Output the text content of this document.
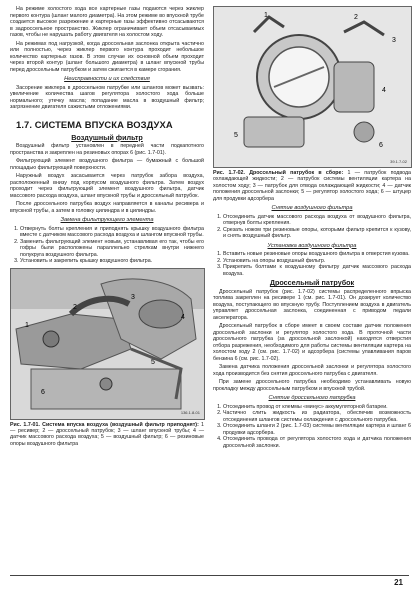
На режиме холостого хода все картерные газы подаются через жиклер первого контура (шланг малого диаметра). На этом режиме во впускной трубе создается высокое разрежение и картерные газы эффективно отсасываются в задроссельное пространство. Жиклер ограничивает объем отсасываемых газов, чтобы не нарушать работу двигателя на холостом ходу.

На режимах под нагрузкой, когда дроссельная заслонка открыта частично или полностью, через жиклер первого контура проходит небольшое количество картерных газов. В этом случае их основной объем проходит через второй контур (шланг большого диаметра) в шланг впускной трубы перед дроссельным патрубком и затем сжигается в камере сгорания.

Неисправности и их следствия

Засорение жиклера в дроссельном патрубке или шлангов может вызвать: увеличение количества шагов регулятора холостого хода больше нормального; утечку масла; попадание масла в воздушный фильтр; загрязнение двигателя сажистыми отложениями.

1.7. СИСТЕМА ВПУСКА ВОЗДУХА
Воздушный фильтр

Воздушный фильтр установлен в передней части подкапотного пространства и закреплен на резиновых опорах 6 (рис. 1.7-01).

Фильтрующий элемент воздушного фильтра — бумажный с большой площадью фильтрующей поверхности.

Наружный воздух засасывается через патрубок забора воздуха, расположенный внизу под корпусом воздушного фильтра. Затем воздух проходит через фильтрующий элемент воздушного фильтра, датчик массового расхода воздуха, шланг впускной трубы и дроссельный патрубок.

После дроссельного патрубка воздух направляется в каналы ресивера и впускной трубы, а затем в головку цилиндра и в цилиндры.

Замена фильтрующего элемента
1. Отвернуть болты крепления и приподнять крышку воздушного фильтра вместе с датчиком массового расхода воздуха и шлангом впускной трубы.
2. Заменить фильтрующий элемент новым, устанавливая его так, чтобы его гофры были расположены параллельно стрелкам внутри нижнего полукруга воздушного фильтра.
3. Установить и закрепить крышку воздушного фильтра.
1
2
3
4
5
6
136.1.8-01
Рис. 1.7-01. Система впуска воздуха (воздушный фильтр приподнят): 1 — ресивер; 2 — дроссельный патрубок; 3 — шланг впускной трубы; 4 — датчик массового расхода воздуха; 5 — воздушный фильтр; 6 — резиновые опоры воздушного фильтра
1	2
3
4
5
6
39.1.7-02
Рис. 1.7-02. Дроссельный патрубок в сборе: 1 — патрубок подвода охлаждающей жидкости; 2 — патрубок системы вентиляции картера на холостом ходу; 3 — патрубок для отвода охлаждающей жидкости; 4 — датчик положения дроссельной заслонки; 5 — регулятор холостого хода; 6 — штуцер для продувки адсорбера
Снятие воздушного фильтра
1. Отсоединить датчик массового расхода воздуха от воздушного фильтра, отвернув болты крепления.
2. Срезать ножом три резиновые опоры, которыми фильтр крепится к кузову, и снять воздушный фильтр.
Установка воздушного фильтра
1. Вставить новые резиновые опоры воздушного фильтра в отверстия кузова.
2. Установить на опоры воздушный фильтр.
3. Прикрепить болтами к воздушному фильтру датчик массового расхода воздуха.
Дроссельный патрубок

Дроссельный патрубок (рис. 1.7-02) системы распределенного впрыска топлива закреплен на ресивере 1 (см. рис. 1.7-01). Он дозирует количество воздуха, поступающего во впускную трубу. Поступлением воздуха в двигатель управляет дроссельная заслонка, соединенная с приводом педали акселератора.

Дроссельный патрубок в сборе имеет в своем составе датчик положения дроссельной заслонки и регулятор холостого хода. В проточной части дроссельного патрубка (за дроссельной заслонкой) находятся отверстия отбора разрежения, необходимого для работы системы вентиляции картера на холостом ходу 2 (см. рис. 1.7-02) и адсорбера (системы улавливания паров бензина 6 (см. рис. 1.7-02).

Замена датчика положения дроссельной заслонки и регулятора холостого хода производится без снятия дроссельного патрубка с двигателя.

При замене дроссельного патрубка необходимо устанавливать новую прокладку между дроссельным патрубком и впускной трубой.

Снятие дроссельного патрубка
1. Отсоединить провод от клеммы «минус» аккумуляторной батареи.
2. Частично слить жидкость из радиатора, обеспечив возможность отсоединения шлангов системы охлаждения с дроссельного патрубка.
3. Отсоединить шланги 2 (рис. 1.7-03) системы вентиляции картера и шланг 6 продувки адсорбера.
4. Отсоединить провода от регулятора холостого хода и датчика положения дроссельной заслонки.
21
